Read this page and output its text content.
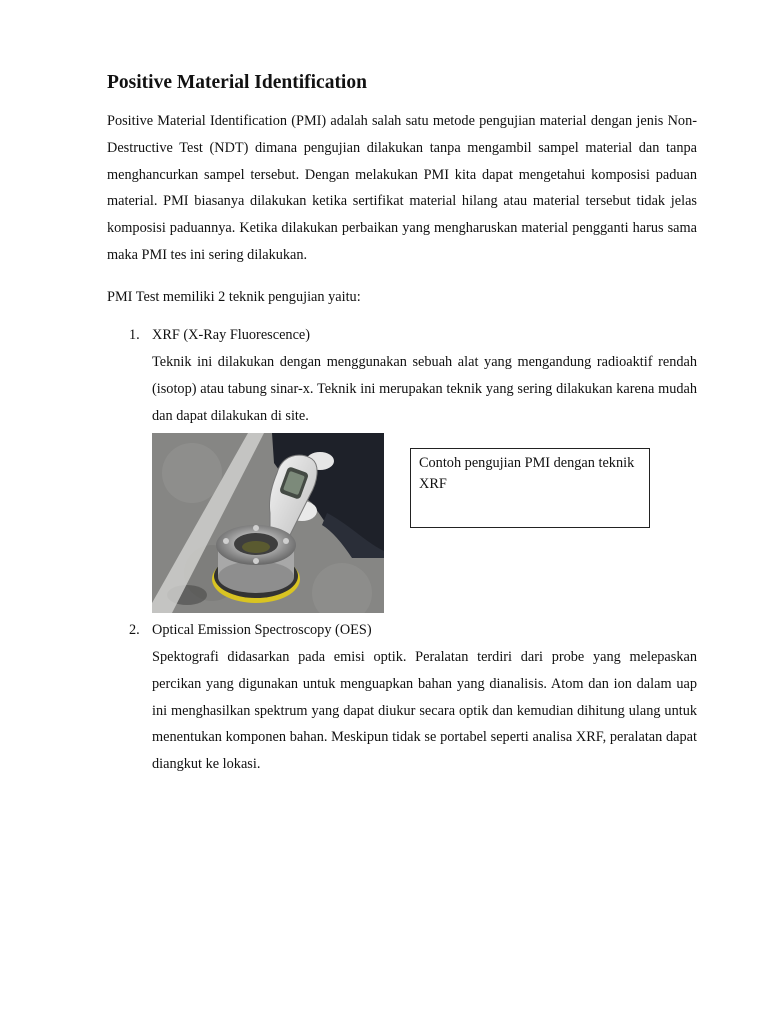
Positive Material Identification

Positive Material Identification (PMI) adalah salah satu metode pengujian material dengan jenis Non-Destructive Test (NDT) dimana pengujian dilakukan tanpa mengambil sampel material dan tanpa menghancurkan sampel tersebut. Dengan melakukan PMI kita dapat mengetahui komposisi paduan material. PMI biasanya dilakukan ketika sertifikat material hilang atau material tersebut tidak jelas komposisi paduannya. Ketika dilakukan perbaikan yang mengharuskan material pengganti harus sama maka PMI tes ini sering dilakukan.

PMI Test memiliki 2 teknik pengujian yaitu:

1. XRF (X-Ray Fluorescence)

Teknik ini dilakukan dengan menggunakan sebuah alat yang mengandung radioaktif rendah (isotop) atau tabung sinar-x. Teknik ini merupakan teknik yang sering dilakukan karena mudah dan dapat dilakukan di site.

Contoh pengujian PMI dengan teknik XRF
2. Optical Emission Spectroscopy (OES)

Spektografi didasarkan pada emisi optik. Peralatan terdiri dari probe yang melepaskan percikan yang digunakan untuk menguapkan bahan yang dianalisis. Atom dan ion dalam uap ini menghasilkan spektrum yang dapat diukur secara optik dan kemudian dihitung ulang untuk menentukan komponen bahan. Meskipun tidak se portabel seperti analisa XRF, peralatan dapat diangkut ke lokasi.
